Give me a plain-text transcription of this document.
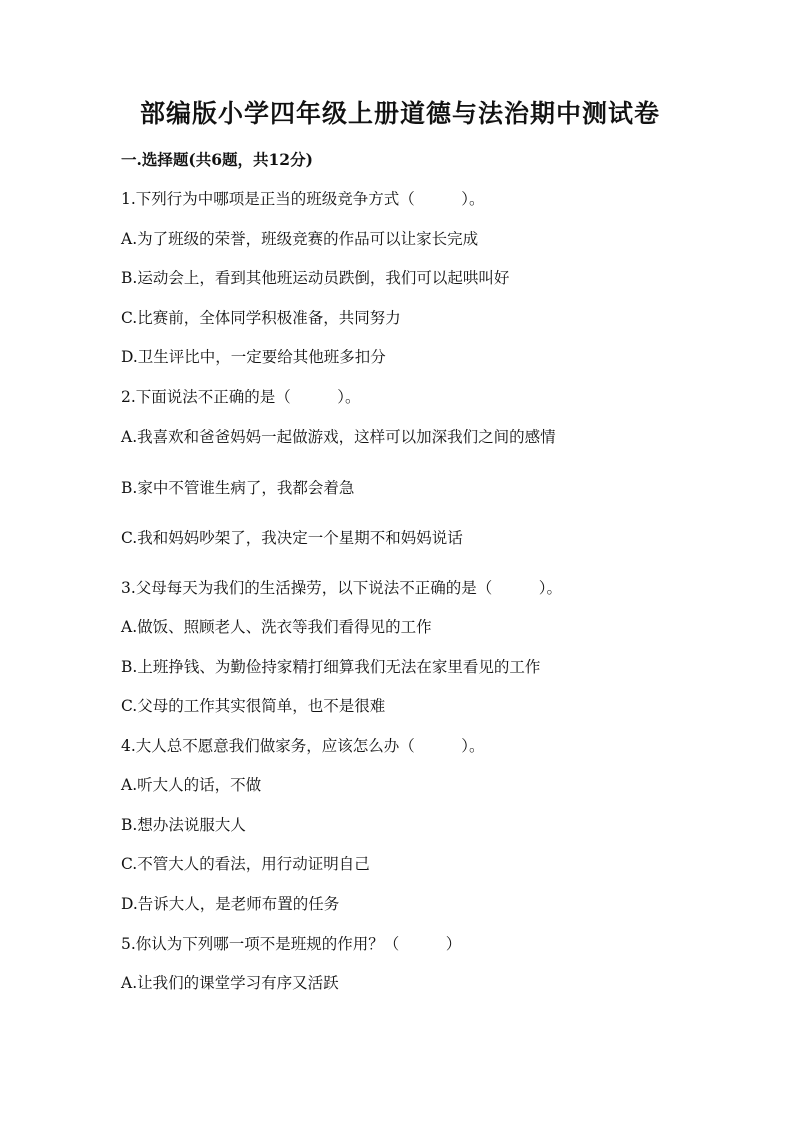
部编版小学四年级上册道德与法治期中测试卷
一.选择题(共6题，共12分)
1.下列行为中哪项是正当的班级竞争方式（　　　）。
A.为了班级的荣誉，班级竞赛的作品可以让家长完成
B.运动会上，看到其他班运动员跌倒，我们可以起哄叫好
C.比赛前，全体同学积极准备，共同努力
D.卫生评比中，一定要给其他班多扣分
2.下面说法不正确的是（　　　）。
A.我喜欢和爸爸妈妈一起做游戏，这样可以加深我们之间的感情
B.家中不管谁生病了，我都会着急
C.我和妈妈吵架了，我决定一个星期不和妈妈说话
3.父母每天为我们的生活操劳，以下说法不正确的是（　　　）。
A.做饭、照顾老人、洗衣等我们看得见的工作
B.上班挣钱、为勤俭持家精打细算我们无法在家里看见的工作
C.父母的工作其实很简单，也不是很难
4.大人总不愿意我们做家务，应该怎么办（　　　）。
A.听大人的话，不做
B.想办法说服大人
C.不管大人的看法，用行动证明自己
D.告诉大人，是老师布置的任务
5.你认为下列哪一项不是班规的作用？（　　　）
A.让我们的课堂学习有序又活跃
